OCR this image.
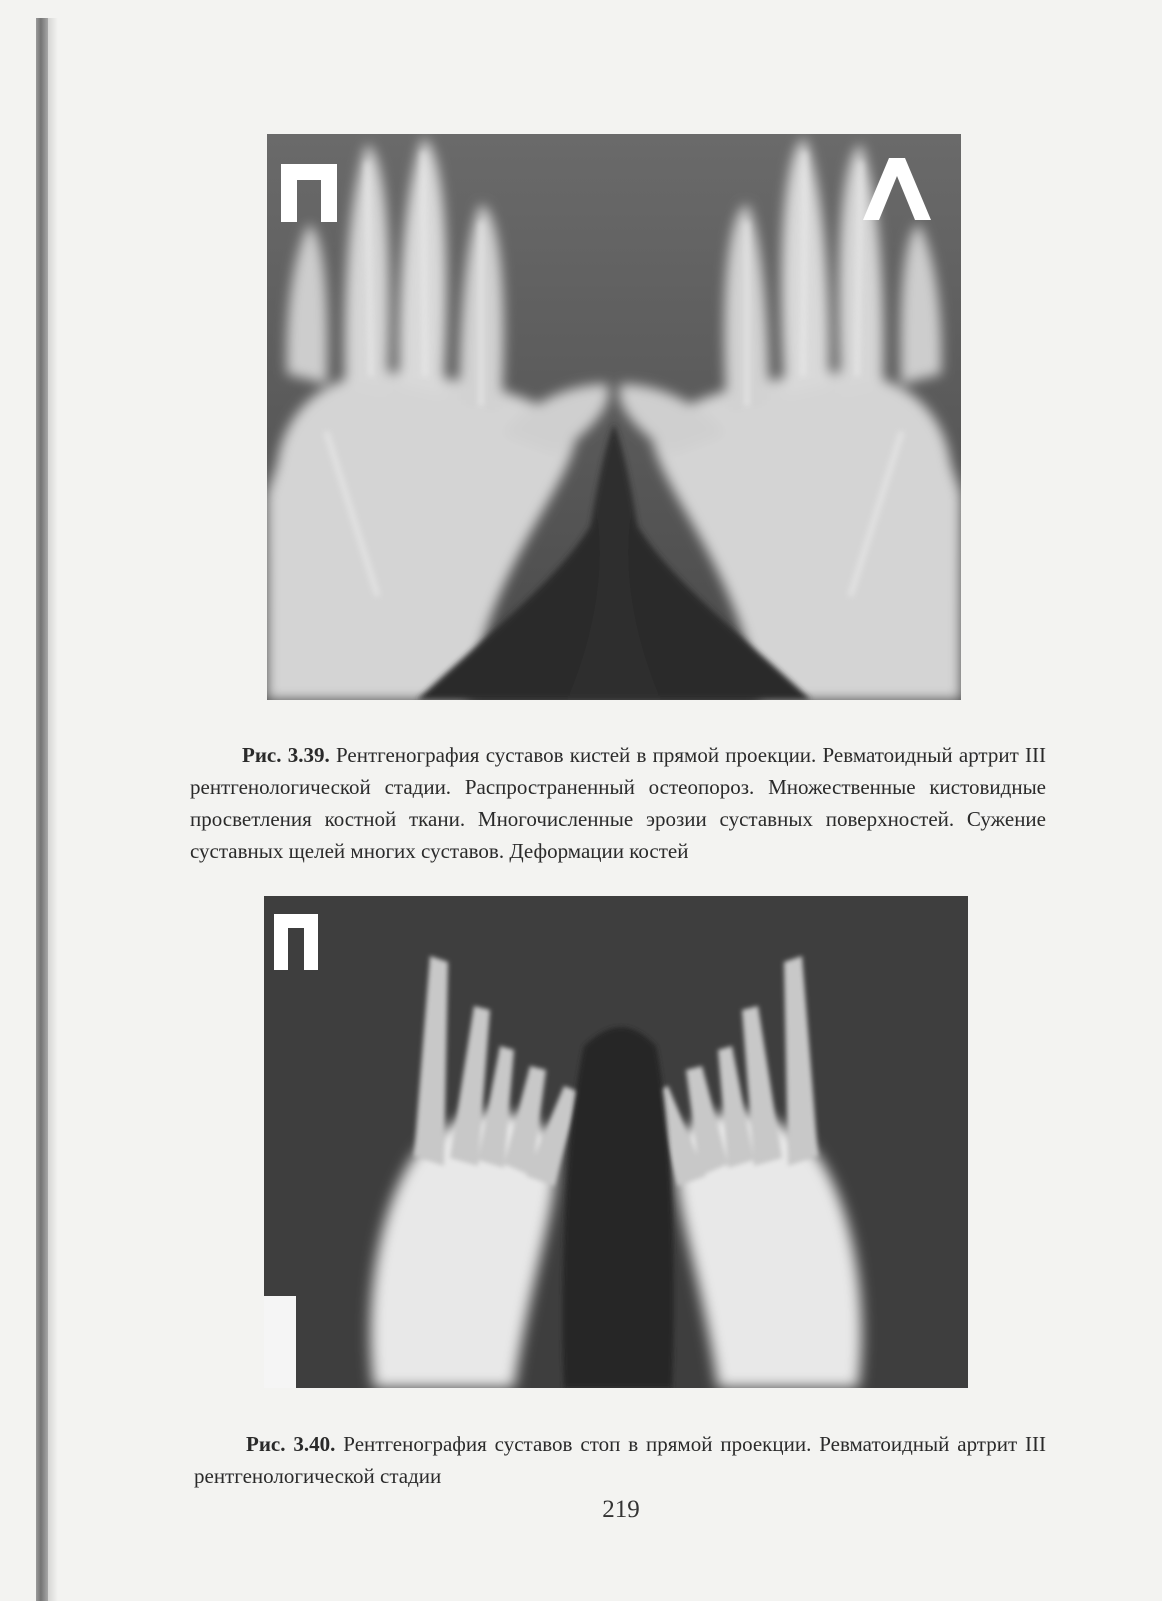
Рис. 3.39. Рентгенография суставов кистей в прямой проекции. Ревматоидный артрит III рентгенологической стадии. Распространенный остеопороз. Множественные кистовидные просветления костной ткани. Многочисленные эрозии суставных поверхностей. Сужение суставных щелей многих суставов. Деформации костей

Рис. 3.40. Рентгенография суставов стоп в прямой проекции. Ревматоидный артрит III рентгенологической стадии

219
